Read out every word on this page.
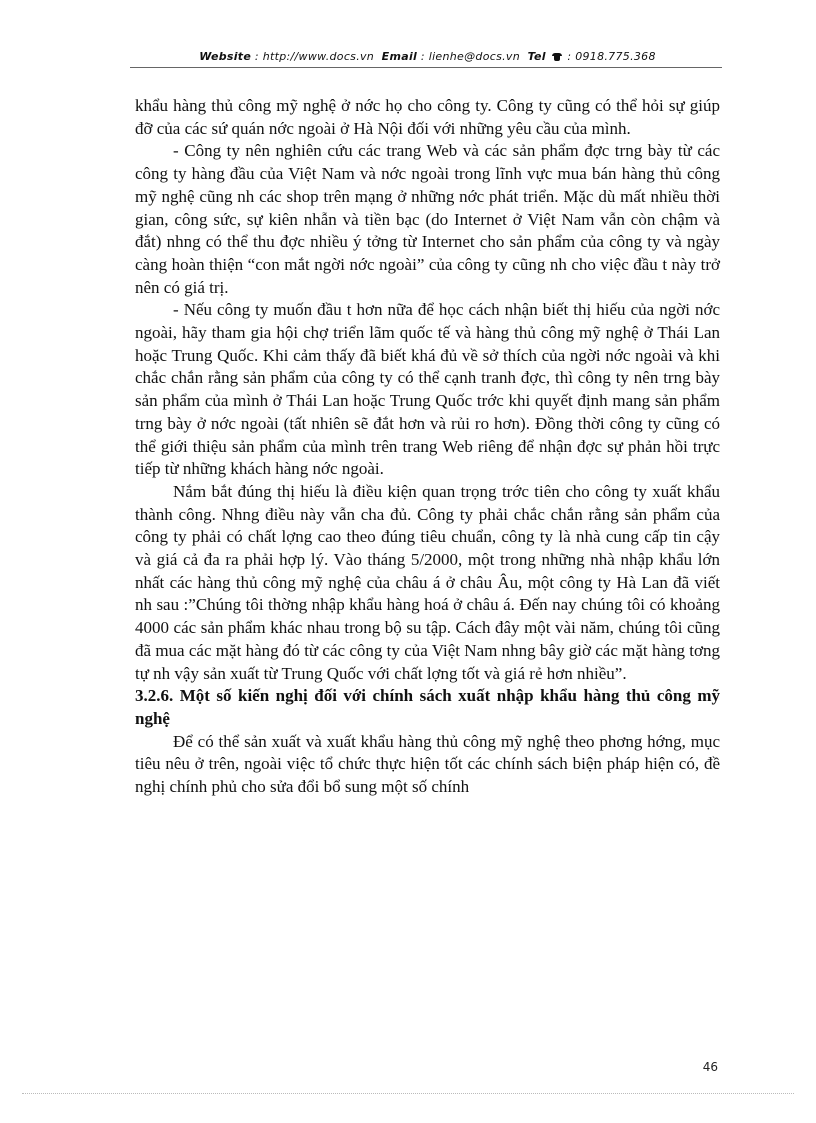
Website : http://www.docs.vn Email : lienhe@docs.vn Tel : 0918.775.368

khẩu hàng thủ công mỹ nghệ ở nớc họ cho công ty. Công ty cũng có thể hỏi sự giúp đỡ của các sứ quán nớc ngoài ở Hà Nội đối với những yêu cầu của mình.

- Công ty nên nghiên cứu các trang Web và các sản phẩm đợc trng bày từ các công ty hàng đầu của Việt Nam và nớc ngoài trong lĩnh vực mua bán hàng thủ công mỹ nghệ cũng nh các shop trên mạng ở những nớc phát triển. Mặc dù mất nhiều thời gian, công sức, sự kiên nhẫn và tiền bạc (do Internet ở Việt Nam vẫn còn chậm và đắt) nhng có thể thu đợc nhiều ý tởng từ Internet cho sản phẩm của công ty và ngày càng hoàn thiện “con mắt ngời nớc ngoài” của công ty cũng nh cho việc đầu t này trở nên có giá trị.

- Nếu công ty muốn đầu t hơn nữa để học cách nhận biết thị hiếu của ngời nớc ngoài, hãy tham gia hội chợ triển lãm quốc tế và hàng thủ công mỹ nghệ ở Thái Lan hoặc Trung Quốc. Khi cảm thấy đã biết khá đủ về sở thích của ngời nớc ngoài và khi chắc chắn rằng sản phẩm của công ty có thể cạnh tranh đợc, thì công ty nên trng bày sản phẩm của mình ở Thái Lan hoặc Trung Quốc trớc khi quyết định mang sản phẩm trng bày ở nớc ngoài (tất nhiên sẽ đắt hơn và rủi ro hơn). Đồng thời công ty cũng có thể giới thiệu sản phẩm của mình trên trang Web riêng để nhận đợc sự phản hồi trực tiếp từ những khách hàng nớc ngoài.

Nắm bắt đúng thị hiếu là điều kiện quan trọng trớc tiên cho công ty xuất khẩu thành công. Nhng điều này vẫn cha đủ. Công ty phải chắc chắn rằng sản phẩm của công ty phải có chất lợng cao theo đúng tiêu chuẩn, công ty là nhà cung cấp tin cậy và giá cả đa ra phải hợp lý. Vào tháng 5/2000, một trong những nhà nhập khẩu lớn nhất các hàng thủ công mỹ nghệ của châu á ở châu Âu, một công ty Hà Lan đã viết nh sau :”Chúng tôi thờng nhập khẩu hàng hoá ở châu á. Đến nay chúng tôi có khoảng 4000 các sản phẩm khác nhau trong bộ su tập. Cách đây một vài năm, chúng tôi cũng đã mua các mặt hàng đó từ các công ty của Việt Nam nhng bây giờ các mặt hàng tơng tự nh vậy sản xuất từ Trung Quốc với chất lợng tốt và giá rẻ hơn nhiều”.

3.2.6. Một số kiến nghị đối với chính sách xuất nhập khẩu hàng thủ công mỹ nghệ

Để có thể sản xuất và xuất khẩu hàng thủ công mỹ nghệ theo phơng hớng, mục tiêu nêu ở trên, ngoài việc tổ chức thực hiện tốt các chính sách biện pháp hiện có, đề nghị chính phủ cho sửa đổi bổ sung một số chính

46
